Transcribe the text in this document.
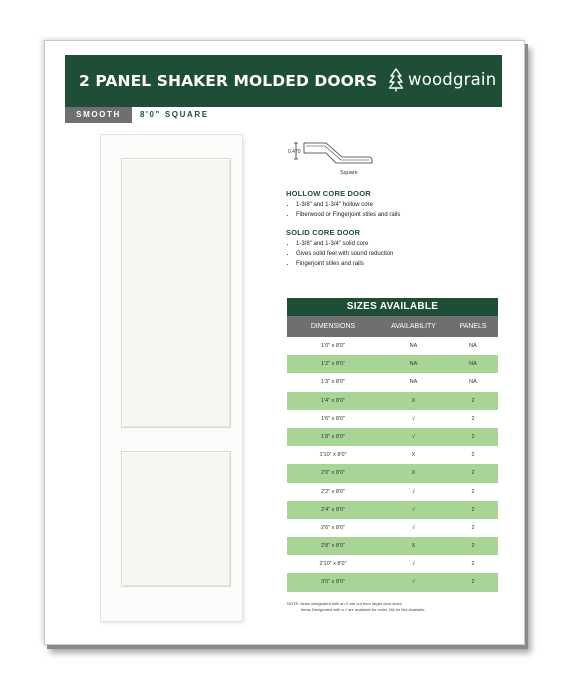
2 PANEL SHAKER MOLDED DOORS woodgrain
SMOOTH	8'0" SQUARE
0.470
Square
HOLLOW CORE DOOR
• 1-3/8" and 1-3/4" hollow core
• Fiberwood or Fingerjoint stiles and rails
SOLID CORE DOOR
• 1-3/8" and 1-3/4" solid core
• Gives solid feel with sound reduction
• Fingerjoint stiles and rails
SIZES AVAILABLE
DIMENSIONS	AVAILABILITY	PANELS
1'0" x 8'0"	NA	NA
1'2" x 8'0"	NA	NA
1'3" x 8'0"	NA	NA
1'4" x 8'0"	X	2
1'6" x 8'0"	√	2
1'8" x 8'0"	√	2
1'10" x 8'0"	X	2
2'0" x 8'0"	X	2
2'2" x 8'0"	√	2
2'4" x 8'0"	√	2
2'6" x 8'0"	√	2
2'8" x 8'0"	X	2
2'10" x 8'0"	√	2
3'0" x 8'0"	√	2
NOTE: Items designated with an X are cut from larger door sizes.
Items Designated with a √ are available for order. NA for Not Available.
